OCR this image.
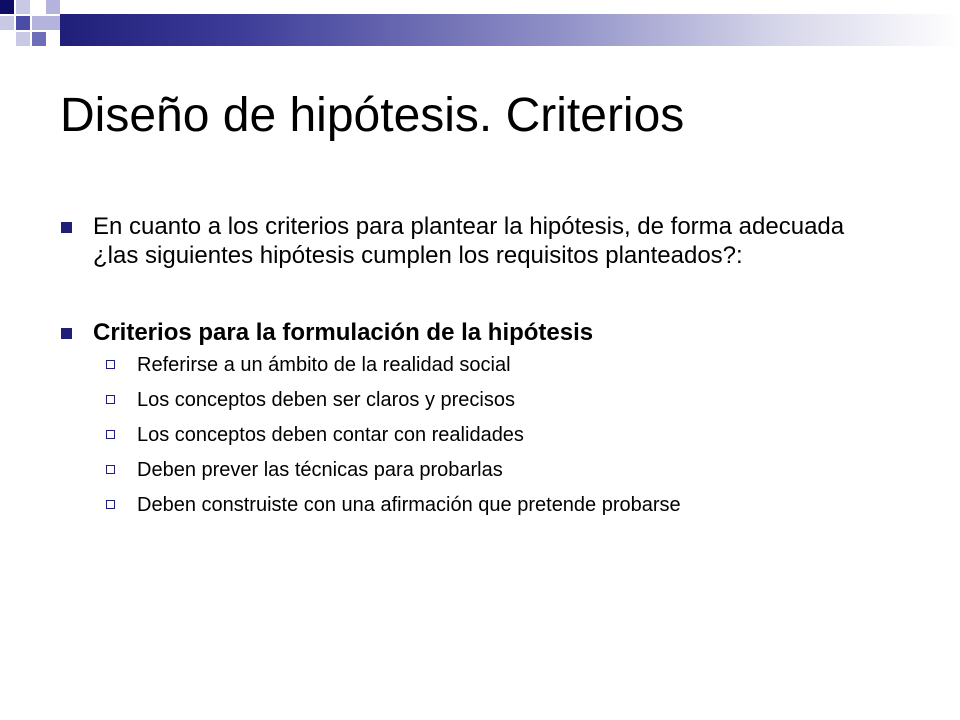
Diseño de hipótesis. Criterios
En cuanto a los criterios para plantear la hipótesis, de forma adecuada ¿las siguientes hipótesis cumplen los requisitos planteados?:
Criterios para la formulación de la hipótesis
Referirse a un ámbito de la realidad social
Los conceptos deben ser claros y precisos
Los conceptos deben contar con realidades
Deben prever las técnicas para probarlas
Deben construiste con una afirmación que pretende probarse
